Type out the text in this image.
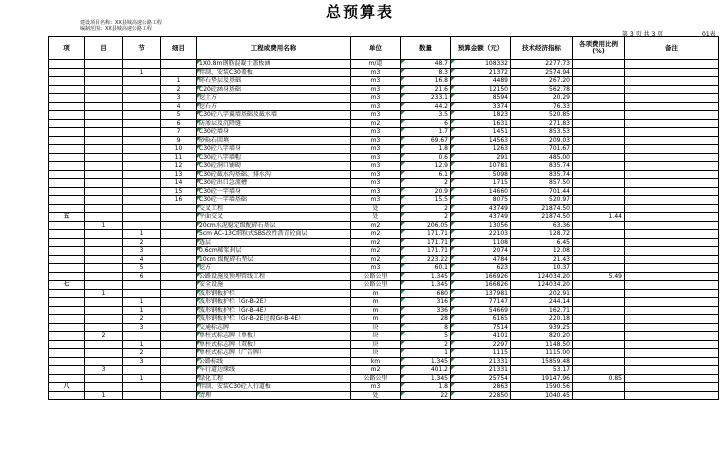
总预算表
建设项目名称：XX县城高速公路工程
编制范围：XX县城高速公路工程
第 3 页 共 3 页	01表
项	目	节	细目	工程或费用名称	单位	数量	预算金额（元）	技术经济指标	各项费用比例(%)	备注
				1X0.8m钢筋混凝土盖板涵	m/道	48.7	108332	2277.73		
		1		拌制、安装C30盖板	m3	8.3	21372	2574.94		
			1	碎石垫层及基础	m3	16.8	4489	267.20		
			2	C20砼涵身基础	m3	21.6	12150	562.78		
			3	挖土方	m3	233.1	8594	20.29		
			4	挖石方	m3	44.2	3374	76.33		
			5	C30砼八字翼墙基础及截水墙	m3	3.5	1823	520.85		
			6	防渗层及沉降缝	m2	6	1631	271.83		
			7	C30砼墙身	m3	1.7	1451	853.53		
			9	砂砾石回填	m3	69.67	14563	209.03		
			10	C30砼八字墙身	m3	1.8	1263	701.67		
			11	C30砼八字墙帽	m3	0.6	291	485.00		
			12	C30砼洞口铺砌	m3	12.9	10781	835.74		
			13	C30砼截水沟基础、排水沟	m3	6.1	5098	835.74		
			14	C30砼出口急流槽	m3	2	1715	857.50		
			15	C30砼一字墙身	m3	20.9	14660	701.44		
			16	C30砼一字墙基础	m3	15.5	8075	520.97		
				交叉工程	处	2	43749	21874.50		
五				平面交叉	处	2	43749	21874.50	1.44	
	1			20cm水泥稳定级配碎石基层	m2	206.05	13056	63.36		
		1		5cm AC-13C细粒式SBS改性沥青砼面层	m2	171.71	22103	128.72		
		2		透层	m2	171.71	1108	6.45		
		3		0.6cm稀浆封层	m2	171.71	2074	12.08		
		4		10cm 级配碎石垫层	m2	223.22	4784	21.43		
		5		挖方	m3	60.1	623	10.37		
		6		公路设施及预埋管线工程	公路公里	1.345	166926	124034.20	5.49	
七				安全设施	公路公里	1.345	166826	124034.20		
	1			波形钢板护栏	m	680	137981	202.91		
		1		波形钢板护栏（Gr-B-2E）	m	316	77147	244.14		
		1		波形钢板护栏（Gr-B-4E）	m	336	54669	162.71		
		2		波形钢板护栏（Gr-B-2E过渡Gr-B-4E）	m	28	6165	220.18		
		3		交通标志牌	块	8	7514	939.25		
	2			单柱式标志牌（单板）	块	5	4101	820.20		
		1		单柱式标志牌（双板）	块	2	2297	1148.50		
		2		单柱式标志牌（广告牌）	块	1	1115	1115.00		
		3		公路标线	km	1.345	21331	15859.48		
	3			车行道边缘线	m2	401.2	21331	53.17		
		1		绿化工程	公路公里	1.345	25754	19147.96	0.85	
八				拌制、安装C30砼人行道板	m3	1.8	2863	1590.56		
	1			清理	处	22	22850	1040.45		
